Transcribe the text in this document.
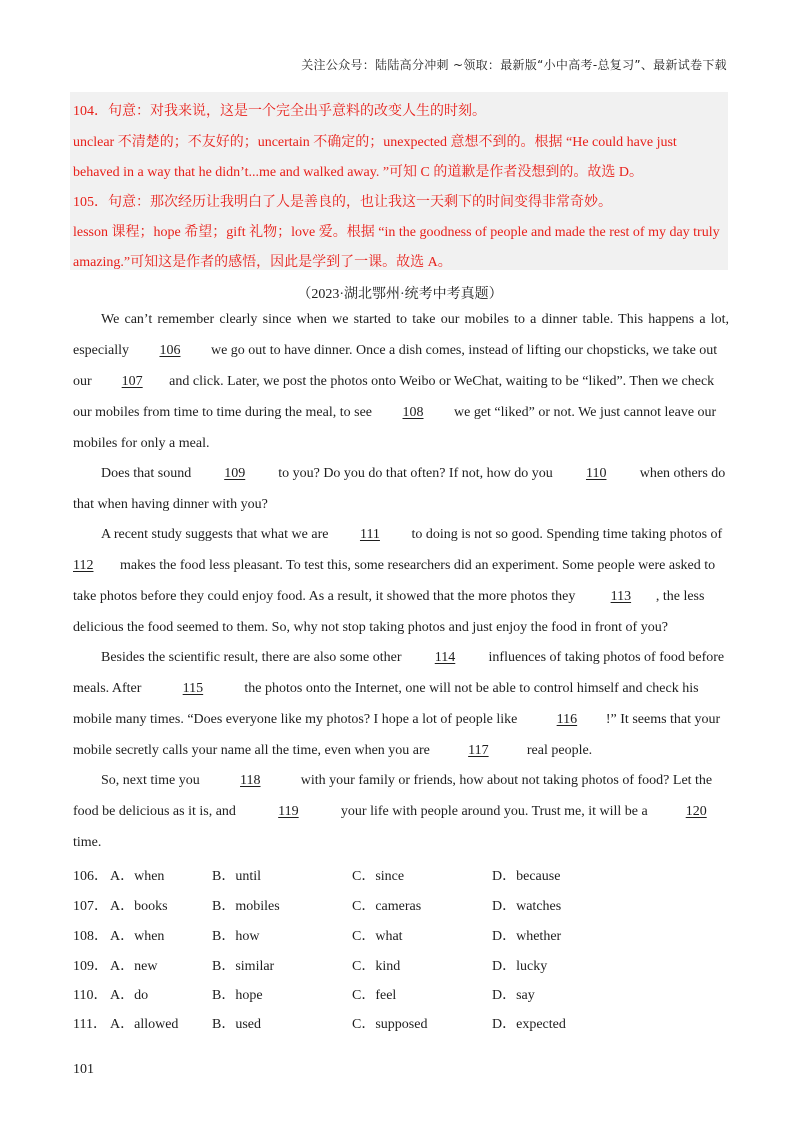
关注公众号：陆陆高分冲刺 ~领取：最新版“小中高考-总复习”、最新试卷下载
104．句意：对我来说，这是一个完全出乎意料的改变人生的时刻。
unclear 不清楚的；不友好的；uncertain 不确定的；unexpected 意想不到的。根据 “He could have just
behaved in a way that he didn’t...me and walked away. ”可知 C 的道歉是作者没想到的。故选 D。
105．句意：那次经历让我明白了人是善良的，也让我这一天剩下的时间变得非常奇妙。
lesson 课程；hope 希望；gift 礼物；love 爱。根据 “in the goodness of people and made the rest of my day truly
amazing.”可知这是作者的感悟，因此是学到了一课。故选 A。
（2023·湖北鄂州·统考中考真题）
We can’t remember clearly since when we started to take our mobiles to a dinner table. This happens a lot,
especially 106 we go out to have dinner. Once a dish comes, instead of lifting our chopsticks, we take out
our 107 and click. Later, we post the photos onto Weibo or WeChat, waiting to be “liked”. Then we check
our mobiles from time to time during the meal, to see 108 we get “liked” or not. We just cannot leave our
mobiles for only a meal.
Does that sound 109 to you? Do you do that often? If not, how do you 110 when others do
that when having dinner with you?
A recent study suggests that what we are 111 to doing is not so good. Spending time taking photos of
112 makes the food less pleasant. To test this, some researchers did an experiment. Some people were asked to
take photos before they could enjoy food. As a result, it showed that the more photos they	113 , the less
delicious the food seemed to them. So, why not stop taking photos and just enjoy the food in front of you?
Besides the scientific result, there are also some other 114 influences of taking photos of food before
meals. After	115	the photos onto the Internet, one will not be able to control himself and check his
mobile many times. “Does everyone like my photos? I hope a lot of people like	116 !” It seems that your
mobile secretly calls your name all the time, even when you are	117	real people.
So, next time you	118	with your family or friends, how about not taking photos of food? Let the
food be delicious as it is, and	119	your life with people around you. Trust me, it will be a	120
time.
106． A．when	B．until	C．since	D．because
107． A．books	B．mobiles	C．cameras	D．watches
108． A．when	B．how	C．what	D．whether
109． A．new	B．similar	C．kind	D．lucky
110． A．do	B．hope	C．feel	D．say
111． A．allowed B．used	C．supposed	D．expected
101
